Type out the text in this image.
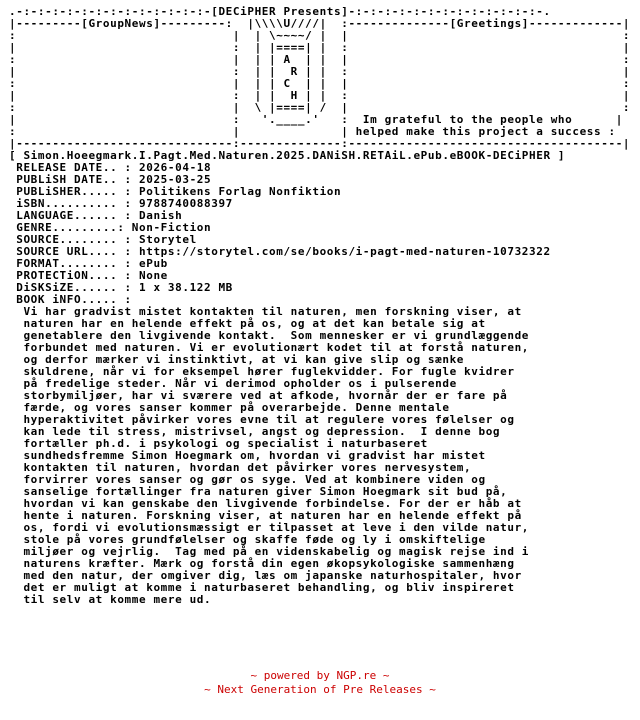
.-:-:-:-:-:-:-:-:-:-:-:-:-:-[DECiPHER Presents]-:-:-:-:-:-:-:-:-:-:-:-:-:-.
|---------[GroupNews]---------:  |\\\\U////|  :--------------[Greetings]-------------|
:                              |  | \~~~~/ |  |                                      :
|                              :  | |====| |  :                                      |
:                              |  | | A  | |  |                                      :
|                              :  | |  R | |  :                                      |
:                              |  | | C  | |  |                                      :
|                              :  | |  H | |  :                                      |
:                              |  \ |====| /  |                                      :
|                              :   '.____.'   :  Im grateful to the people who      |
:                              |              | helped make this project a success :
|------------------------------:--------------:--------------------------------------|
[ Simon.Hoeegmark.I.Pagt.Med.Naturen.2025.DANiSH.RETAiL.ePub.eBOOK-DECiPHER ]
RELEASE DATE.. : 2026-04-18
PUBLiSH DATE.. : 2025-03-25
PUBLiSHER..... : Politikens Forlag Nonfiktion
iSBN.......... : 9788740088397
LANGUAGE...... : Danish
GENRE.........: Non-Fiction
SOURCE........ : Storytel
SOURCE URL.... : https://storytel.com/se/books/i-pagt-med-naturen-10732322
FORMAT........ : ePub
PROTECTiON.... : None
DiSKSiZE...... : 1 x 38.122 MB
BOOK iNFO..... :
Vi har gradvist mistet kontakten til naturen, men forskning viser, at
naturen har en helende effekt på os, og at det kan betale sig at
genetablere den livgivende kontakt.  Som mennesker er vi grundlæggende
forbundet med naturen. Vi er evolutionært kodet til at forstå naturen,
og derfor mærker vi instinktivt, at vi kan give slip og sænke
skuldrene, når vi for eksempel hører fuglekvidder. For fugle kvidrer
på fredelige steder. Når vi derimod opholder os i pulserende
storbymiljøer, har vi sværere ved at afkode, hvornår der er fare på
færde, og vores sanser kommer på overarbejde. Denne mentale
hyperaktivitet påvirker vores evne til at regulere vores følelser og
kan lede til stress, mistrivsel, angst og depression.  I denne bog
fortæller ph.d. i psykologi og specialist i naturbaseret
sundhedsfremme Simon Hoegmark om, hvordan vi gradvist har mistet
kontakten til naturen, hvordan det påvirker vores nervesystem,
forvirrer vores sanser og gør os syge. Ved at kombinere viden og
sanselige fortællinger fra naturen giver Simon Hoegmark sit bud på,
hvordan vi kan genskabe den livgivende forbindelse. For der er håb at
hente i naturen. Forskning viser, at naturen har en helende effekt på
os, fordi vi evolutionsmæssigt er tilpasset at leve i den vilde natur,
stole på vores grundfølelser og skaffe føde og ly i omskiftelige
miljøer og vejrlig.  Tag med på en videnskabelig og magisk rejse ind i
naturens kræfter. Mærk og forstå din egen økopsykologiske sammenhæng
med den natur, der omgiver dig, læs om japanske naturhospitaler, hvor
det er muligt at komme i naturbaseret behandling, og bliv inspireret
til selv at komme mere ud.
~ powered by NGP.re ~
~ Next Generation of Pre Releases ~
